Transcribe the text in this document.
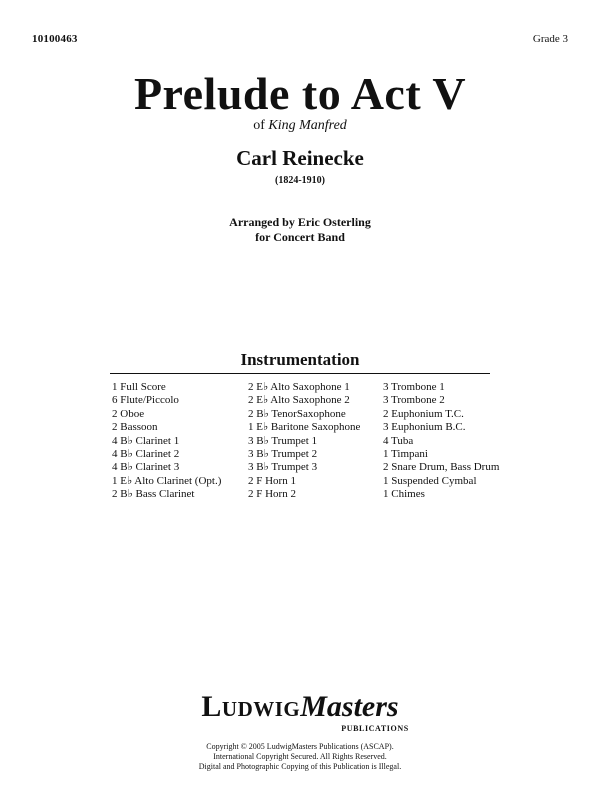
10100463	Grade 3
Prelude to Act V
of King Manfred
Carl Reinecke
(1824-1910)
Arranged by Eric Osterling
for Concert Band
Instrumentation
1 Full Score
6 Flute/Piccolo
2 Oboe
2 Bassoon
4 B♭ Clarinet 1
4 B♭ Clarinet 2
4 B♭ Clarinet 3
1 E♭ Alto Clarinet (Opt.)
2 B♭ Bass Clarinet
2 E♭ Alto Saxophone 1
2 E♭ Alto Saxophone 2
2 B♭ TenorSaxophone
1 E♭ Baritone Saxophone
3 B♭ Trumpet 1
3 B♭ Trumpet 2
3 B♭ Trumpet 3
2 F Horn 1
2 F Horn 2
3 Trombone 1
3 Trombone 2
2 Euphonium T.C.
3 Euphonium B.C.
4 Tuba
1 Timpani
2 Snare Drum, Bass Drum
1 Suspended Cymbal
1 Chimes
LudwigMasters
PUBLICATIONS
Copyright © 2005 LudwigMasters Publications (ASCAP).
International Copyright Secured. All Rights Reserved.
Digital and Photographic Copying of this Publication is Illegal.
